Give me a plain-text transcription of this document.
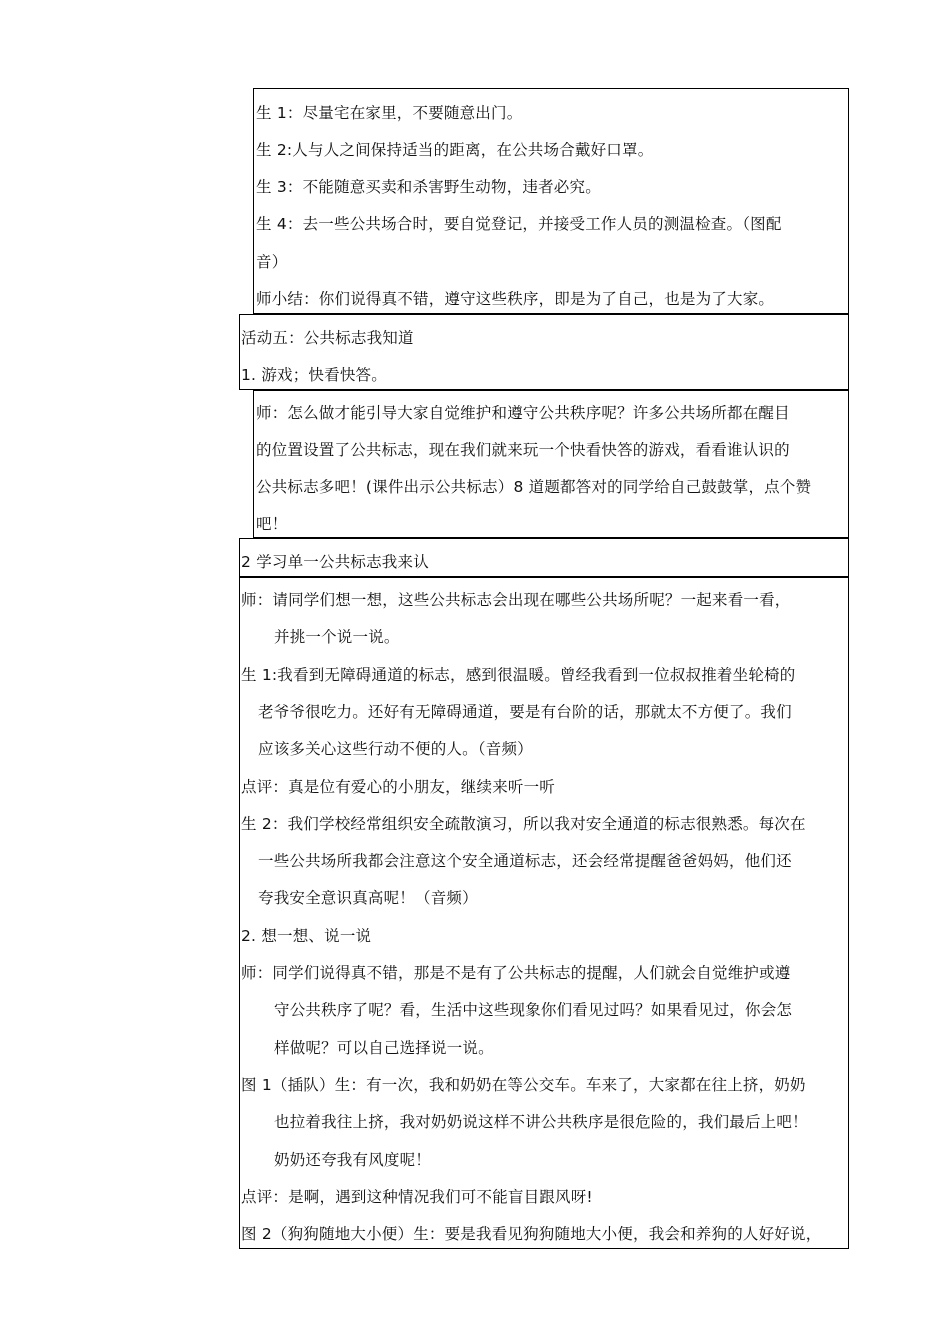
生 1：尽量宅在家里，不要随意出门。
生 2:人与人之间保持适当的距离，在公共场合戴好口罩。
生 3：不能随意买卖和杀害野生动物，违者必究。
生 4：去一些公共场合时，要自觉登记，并接受工作人员的测温检查。（图配
音）
师小结：你们说得真不错，遵守这些秩序，即是为了自己，也是为了大家。
活动五：公共标志我知道
1. 游戏；快看快答。
师：怎么做才能引导大家自觉维护和遵守公共秩序呢？许多公共场所都在醒目
的位置设置了公共标志，现在我们就来玩一个快看快答的游戏，看看谁认识的
公共标志多吧！(课件出示公共标志）8 道题都答对的同学给自己鼓鼓掌，点个赞
吧！
2 学习单一公共标志我来认
师：请同学们想一想，这些公共标志会出现在哪些公共场所呢？一起来看一看，
并挑一个说一说。
生 1:我看到无障碍通道的标志，感到很温暖。曾经我看到一位叔叔推着坐轮椅的
老爷爷很吃力。还好有无障碍通道，要是有台阶的话，那就太不方便了。我们
应该多关心这些行动不便的人。（音频）
点评：真是位有爱心的小朋友，继续来听一听
生 2：我们学校经常组织安全疏散演习，所以我对安全通道的标志很熟悉。每次在
一些公共场所我都会注意这个安全通道标志，还会经常提醒爸爸妈妈，他们还
夸我安全意识真高呢！（音频）
2. 想一想、说一说
师：同学们说得真不错，那是不是有了公共标志的提醒，人们就会自觉维护或遵
守公共秩序了呢？看，生活中这些现象你们看见过吗？如果看见过，你会怎
样做呢？可以自己选择说一说。
图 1（插队）生：有一次，我和奶奶在等公交车。车来了，大家都在往上挤，奶奶
也拉着我往上挤，我对奶奶说这样不讲公共秩序是很危险的，我们最后上吧！
奶奶还夸我有风度呢！
点评：是啊，遇到这种情况我们可不能盲目跟风呀!
图 2（狗狗随地大小便）生：要是我看见狗狗随地大小便，我会和养狗的人好好说，
